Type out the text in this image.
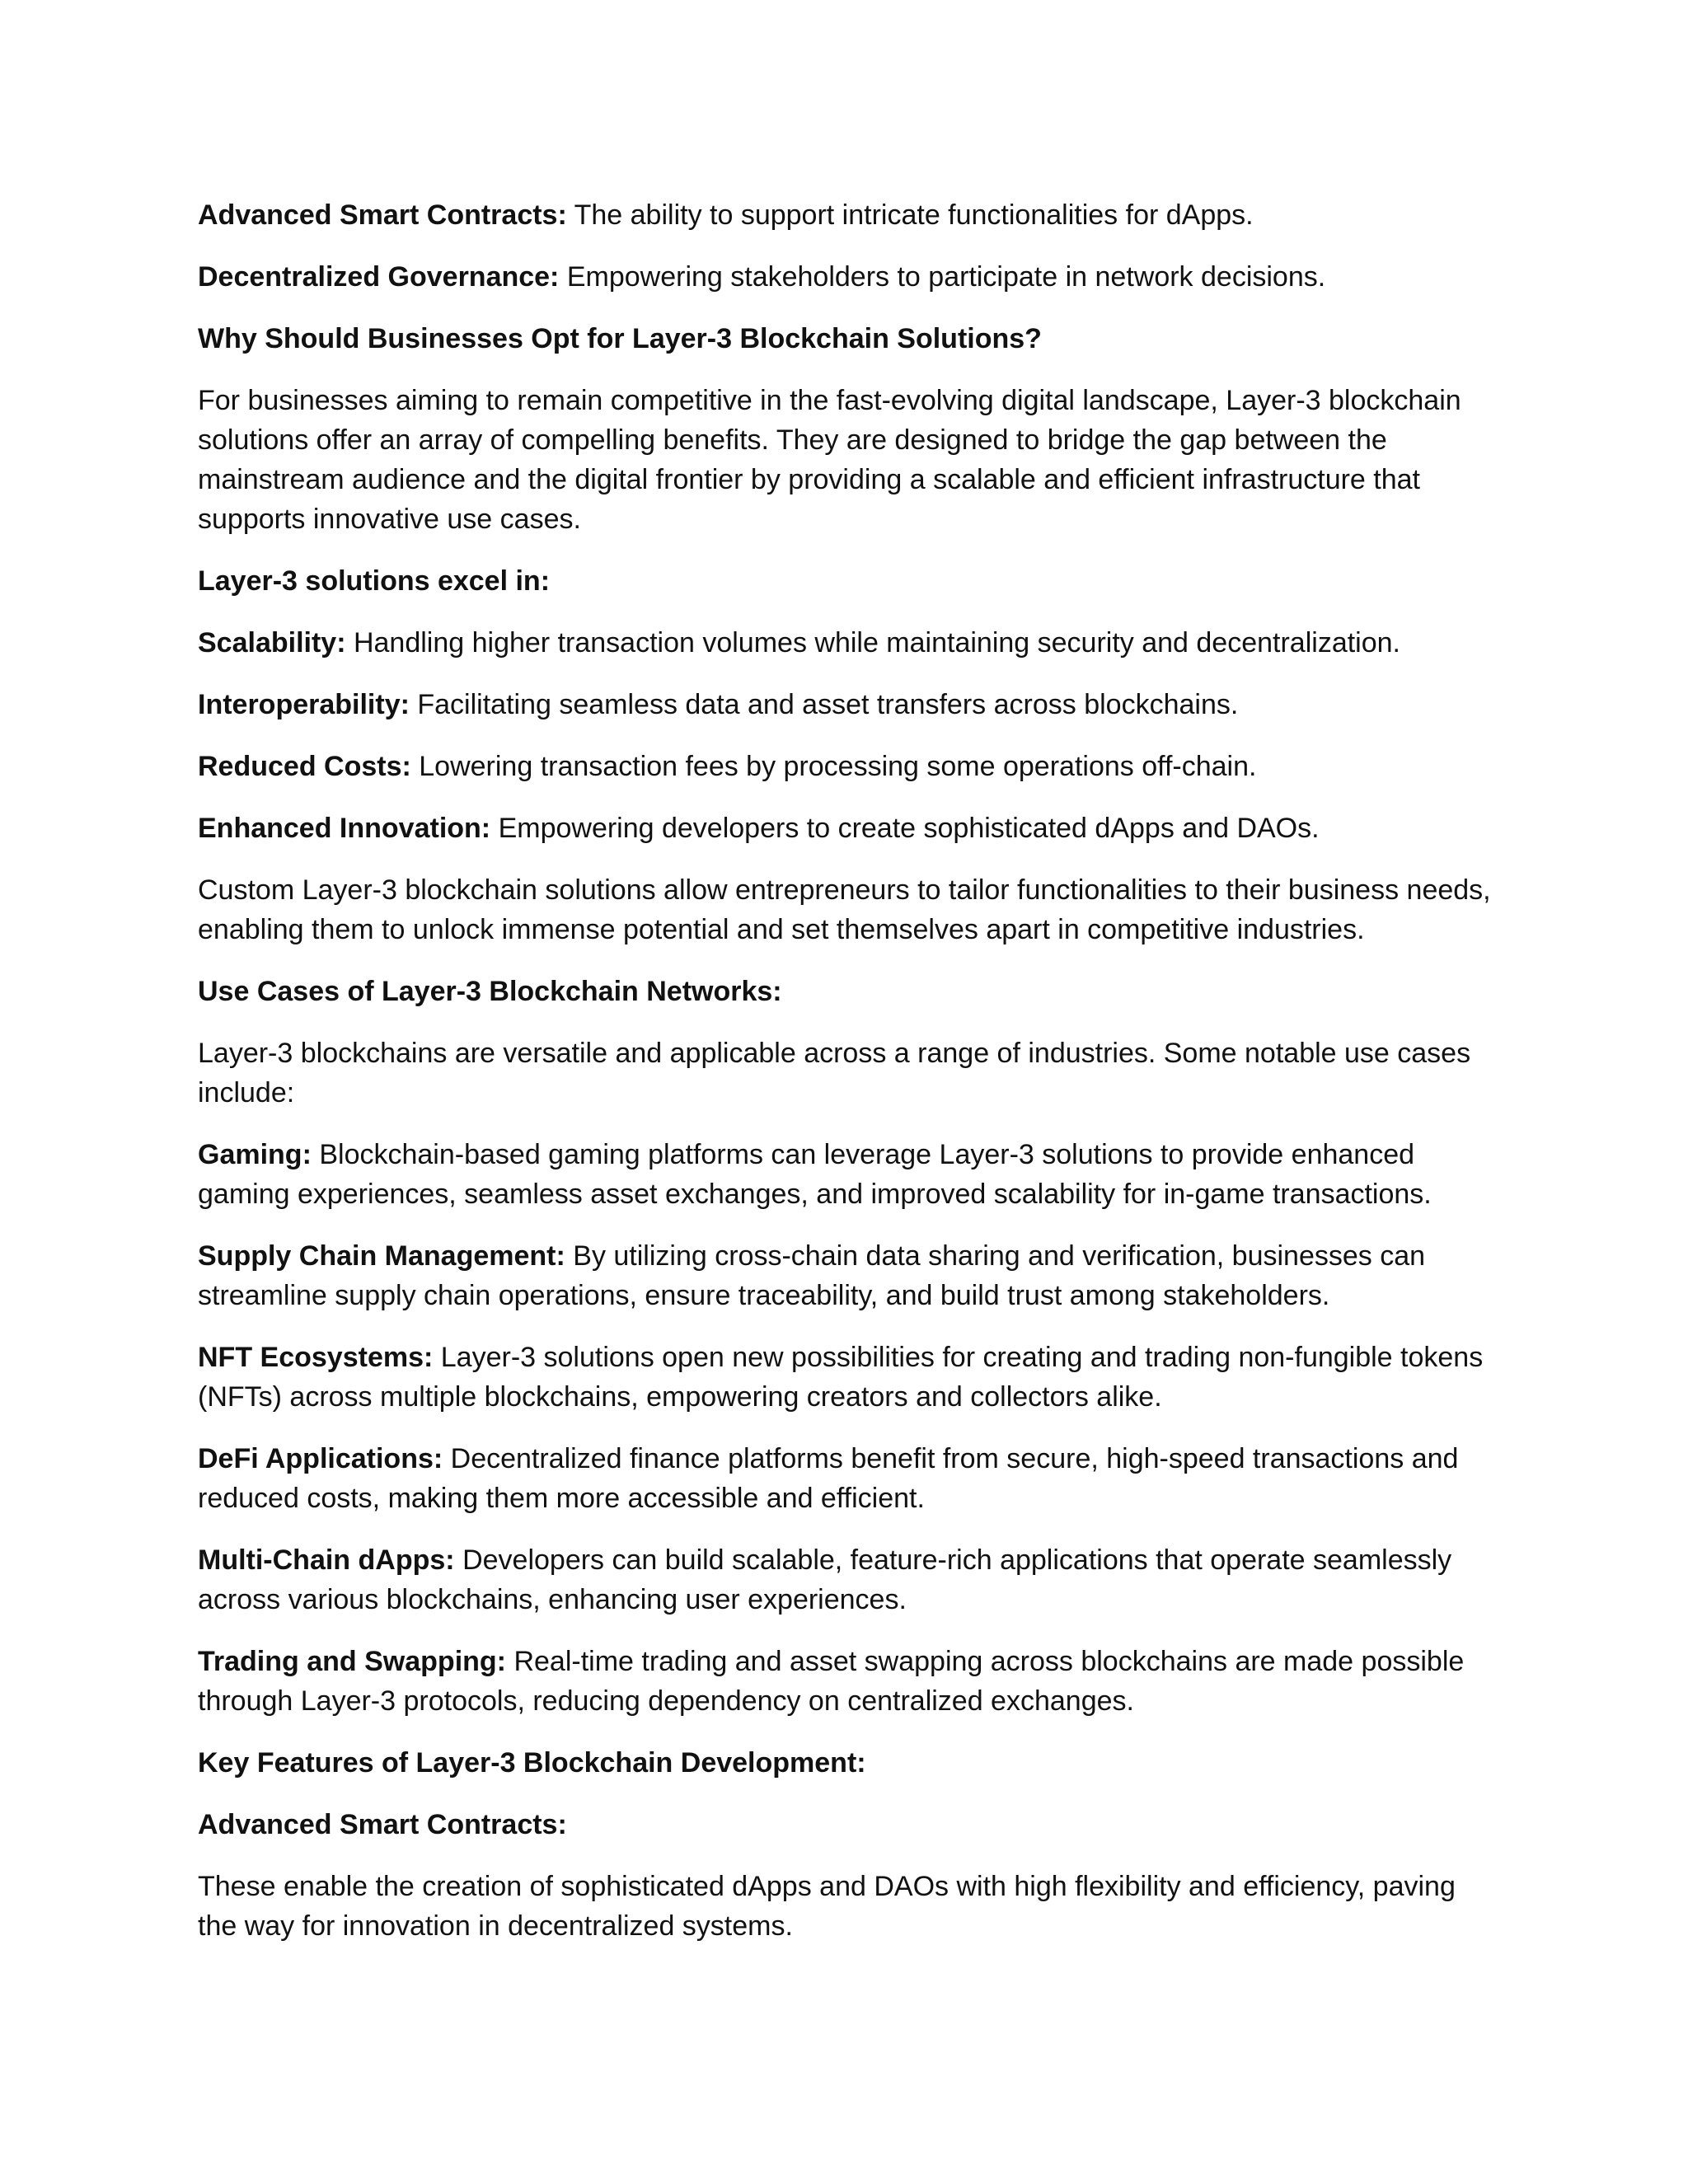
Advanced Smart Contracts: The ability to support intricate functionalities for dApps.

Decentralized Governance: Empowering stakeholders to participate in network decisions.

Why Should Businesses Opt for Layer-3 Blockchain Solutions?

For businesses aiming to remain competitive in the fast-evolving digital landscape, Layer-3 blockchain solutions offer an array of compelling benefits. They are designed to bridge the gap between the mainstream audience and the digital frontier by providing a scalable and efficient infrastructure that supports innovative use cases.

Layer-3 solutions excel in:

Scalability: Handling higher transaction volumes while maintaining security and decentralization.

Interoperability: Facilitating seamless data and asset transfers across blockchains.

Reduced Costs: Lowering transaction fees by processing some operations off-chain.

Enhanced Innovation: Empowering developers to create sophisticated dApps and DAOs.

Custom Layer-3 blockchain solutions allow entrepreneurs to tailor functionalities to their business needs, enabling them to unlock immense potential and set themselves apart in competitive industries.

Use Cases of Layer-3 Blockchain Networks:

Layer-3 blockchains are versatile and applicable across a range of industries. Some notable use cases include:

Gaming: Blockchain-based gaming platforms can leverage Layer-3 solutions to provide enhanced gaming experiences, seamless asset exchanges, and improved scalability for in-game transactions.

Supply Chain Management: By utilizing cross-chain data sharing and verification, businesses can streamline supply chain operations, ensure traceability, and build trust among stakeholders.

NFT Ecosystems: Layer-3 solutions open new possibilities for creating and trading non-fungible tokens (NFTs) across multiple blockchains, empowering creators and collectors alike.

DeFi Applications: Decentralized finance platforms benefit from secure, high-speed transactions and reduced costs, making them more accessible and efficient.

Multi-Chain dApps: Developers can build scalable, feature-rich applications that operate seamlessly across various blockchains, enhancing user experiences.

Trading and Swapping: Real-time trading and asset swapping across blockchains are made possible through Layer-3 protocols, reducing dependency on centralized exchanges.

Key Features of Layer-3 Blockchain Development:

Advanced Smart Contracts:

These enable the creation of sophisticated dApps and DAOs with high flexibility and efficiency, paving the way for innovation in decentralized systems.
